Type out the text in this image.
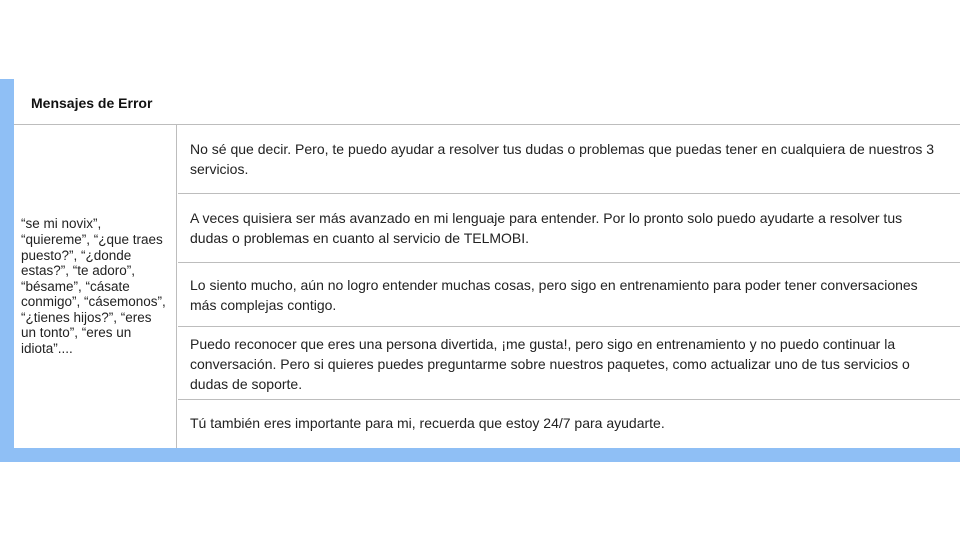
Mensajes de Error
“se mi novix”, “quiereme”, “¿que traes puesto?”, “¿donde estas?”, “te adoro”, “bésame”, “cásate conmigo”, “cásemonos”, “¿tienes hijos?”, “eres un tonto”, “eres un idiota”....
No sé que decir. Pero, te puedo ayudar a resolver tus dudas o problemas que puedas tener en cualquiera de nuestros 3 servicios.
A veces quisiera ser más avanzado en mi lenguaje para entender. Por lo pronto solo puedo ayudarte a resolver tus dudas o problemas en cuanto al servicio de TELMOBI.
Lo siento mucho, aún no logro entender muchas cosas, pero sigo en entrenamiento para poder tener conversaciones más complejas contigo.
Puedo reconocer que eres una persona divertida, ¡me gusta!, pero sigo en entrenamiento y no puedo continuar la conversación. Pero si quieres puedes preguntarme sobre nuestros paquetes, como actualizar uno de tus servicios o dudas de soporte.
Tú también eres importante para mi, recuerda que estoy 24/7 para ayudarte.
